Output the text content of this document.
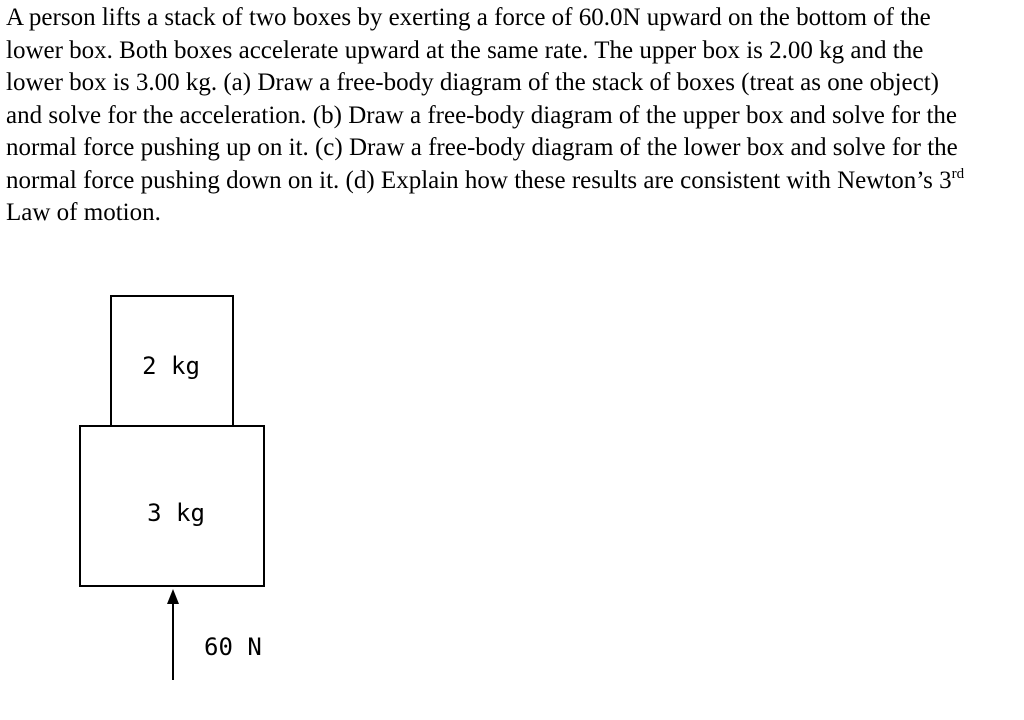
A person lifts a stack of two boxes by exerting a force of 60.0N upward on the bottom of the lower box. Both boxes accelerate upward at the same rate. The upper box is 2.00 kg and the lower box is 3.00 kg. (a) Draw a free-body diagram of the stack of boxes (treat as one object) and solve for the acceleration. (b) Draw a free-body diagram of the upper box and solve for the normal force pushing up on it. (c) Draw a free-body diagram of the lower box and solve for the normal force pushing down on it. (d) Explain how these results are consistent with Newton’s 3rd Law of motion.

2 kg
3 kg
60 N
